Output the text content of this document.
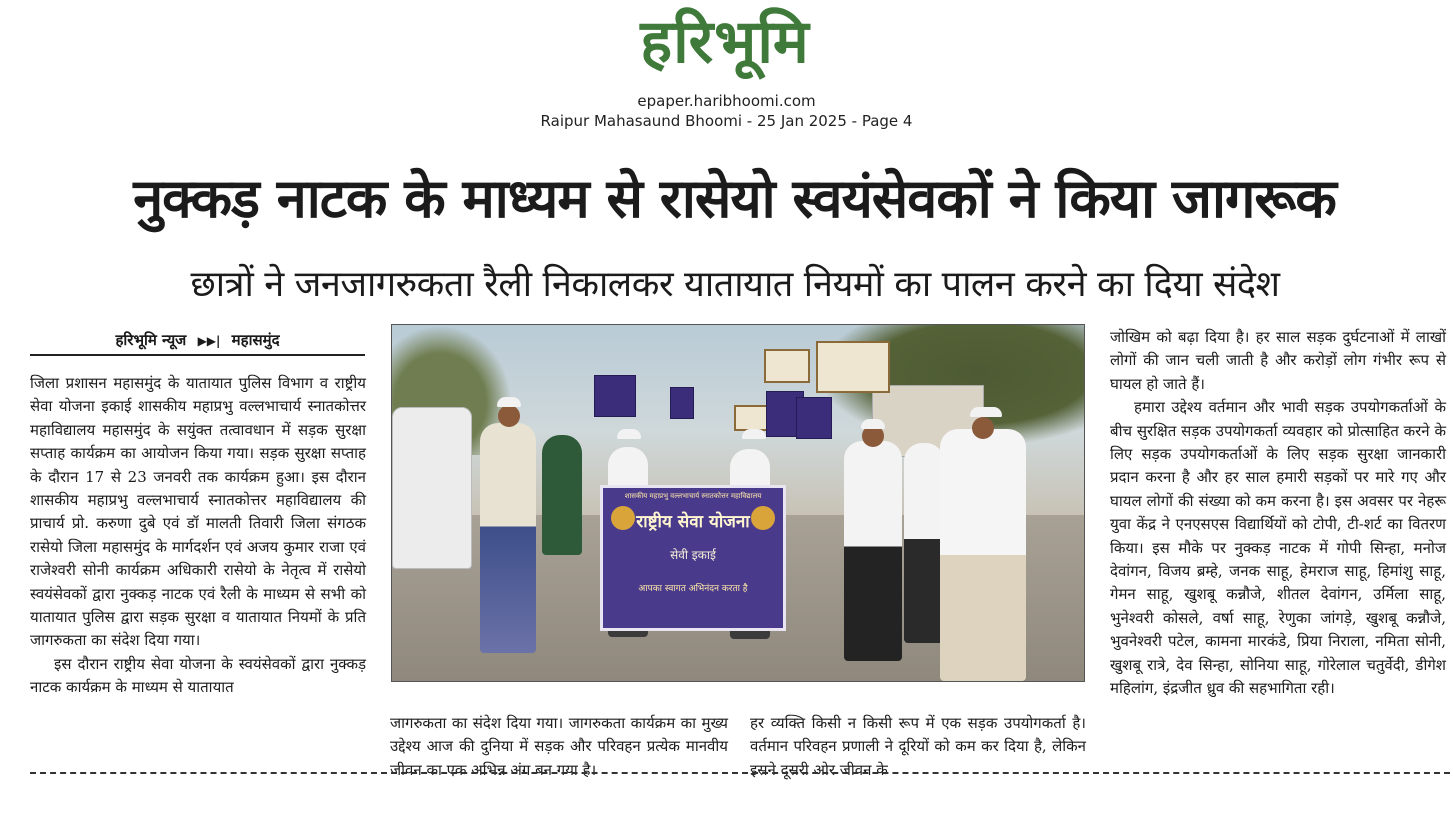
हरिभूमि
epaper.haribhoomi.com
Raipur Mahasaund Bhoomi - 25 Jan 2025 - Page 4
नुक्कड़ नाटक के माध्यम से रासेयो स्वयंसेवकों ने किया जागरूक
छात्रों ने जनजागरुकता रैली निकालकर यातायात नियमों का पालन करने का दिया संदेश
हरिभूमि न्यूज ▶▶| महासमुंद

जिला प्रशासन महासमुंद के यातायात पुलिस विभाग व राष्ट्रीय सेवा योजना इकाई शासकीय महाप्रभु वल्लभाचार्य स्नातकोत्तर महाविद्यालय महासमुंद के सयुंक्त तत्वावधान में सड़क सुरक्षा सप्ताह कार्यक्रम का आयोजन किया गया। सड़क सुरक्षा सप्ताह के दौरान 17 से 23 जनवरी तक कार्यक्रम हुआ। इस दौरान शासकीय महाप्रभु वल्लभाचार्य स्नातकोत्तर महाविद्यालय की प्राचार्य प्रो. करुणा दुबे एवं डॉ मालती तिवारी जिला संगठक रासेयो जिला महासमुंद के मार्गदर्शन एवं अजय कुमार राजा एवं राजेश्वरी सोनी कार्यक्रम अधिकारी रासेयो के नेतृत्व में रासेयो स्वयंसेवकों द्वारा नुक्कड़ नाटक एवं रैली के माध्यम से सभी को यातायात पुलिस द्वारा सड़क सुरक्षा व यातायात नियमों के प्रति जागरुकता का संदेश दिया गया।

इस दौरान राष्ट्रीय सेवा योजना के स्वयंसेवकों द्वारा नुक्कड़ नाटक कार्यक्रम के माध्यम से यातायात

शासकीय महाप्रभु वल्लभाचार्य स्नातकोत्तर महाविद्यालय
राष्ट्रीय सेवा योजना
सेवी इकाई
आपका स्वागत अभिनंदन करता है

जागरुकता का संदेश दिया गया। जागरुकता कार्यक्रम का मुख्य उद्देश्य आज की दुनिया में सड़क और परिवहन प्रत्येक मानवीय जीवन का एक अभिन्न अंग बन गया है।

हर व्यक्ति किसी न किसी रूप में एक सड़क उपयोगकर्ता है। वर्तमान परिवहन प्रणाली ने दूरियों को कम कर दिया है, लेकिन इसने दूसरी ओर जीवन के

जोखिम को बढ़ा दिया है। हर साल सड़क दुर्घटनाओं में लाखों लोगों की जान चली जाती है और करोड़ों लोग गंभीर रूप से घायल हो जाते हैं।

हमारा उद्देश्य वर्तमान और भावी सड़क उपयोगकर्ताओं के बीच सुरक्षित सड़क उपयोगकर्ता व्यवहार को प्रोत्साहित करने के लिए सड़क उपयोगकर्ताओं के लिए सड़क सुरक्षा जानकारी प्रदान करना है और हर साल हमारी सड़कों पर मारे गए और घायल लोगों की संख्या को कम करना है। इस अवसर पर नेहरू युवा केंद्र ने एनएसएस विद्यार्थियों को टोपी, टी-शर्ट का वितरण किया। इस मौके पर नुक्कड़ नाटक में गोपी सिन्हा, मनोज देवांगन, विजय ब्रम्हे, जनक साहू, हेमराज साहू, हिमांशु साहू, गेमन साहू, खुशबू कन्नौजे, शीतल देवांगन, उर्मिला साहू, भुनेश्वरी कोसले, वर्षा साहू, रेणुका जांगड़े, खुशबू कन्नौजे, भुवनेश्वरी पटेल, कामना मारकंडे, प्रिया निराला, नमिता सोनी, खुशबू रात्रे, देव सिन्हा, सोनिया साहू, गोरेलाल चतुर्वेदी, डीगेश महिलांग, इंद्रजीत ध्रुव की सहभागिता रही।
